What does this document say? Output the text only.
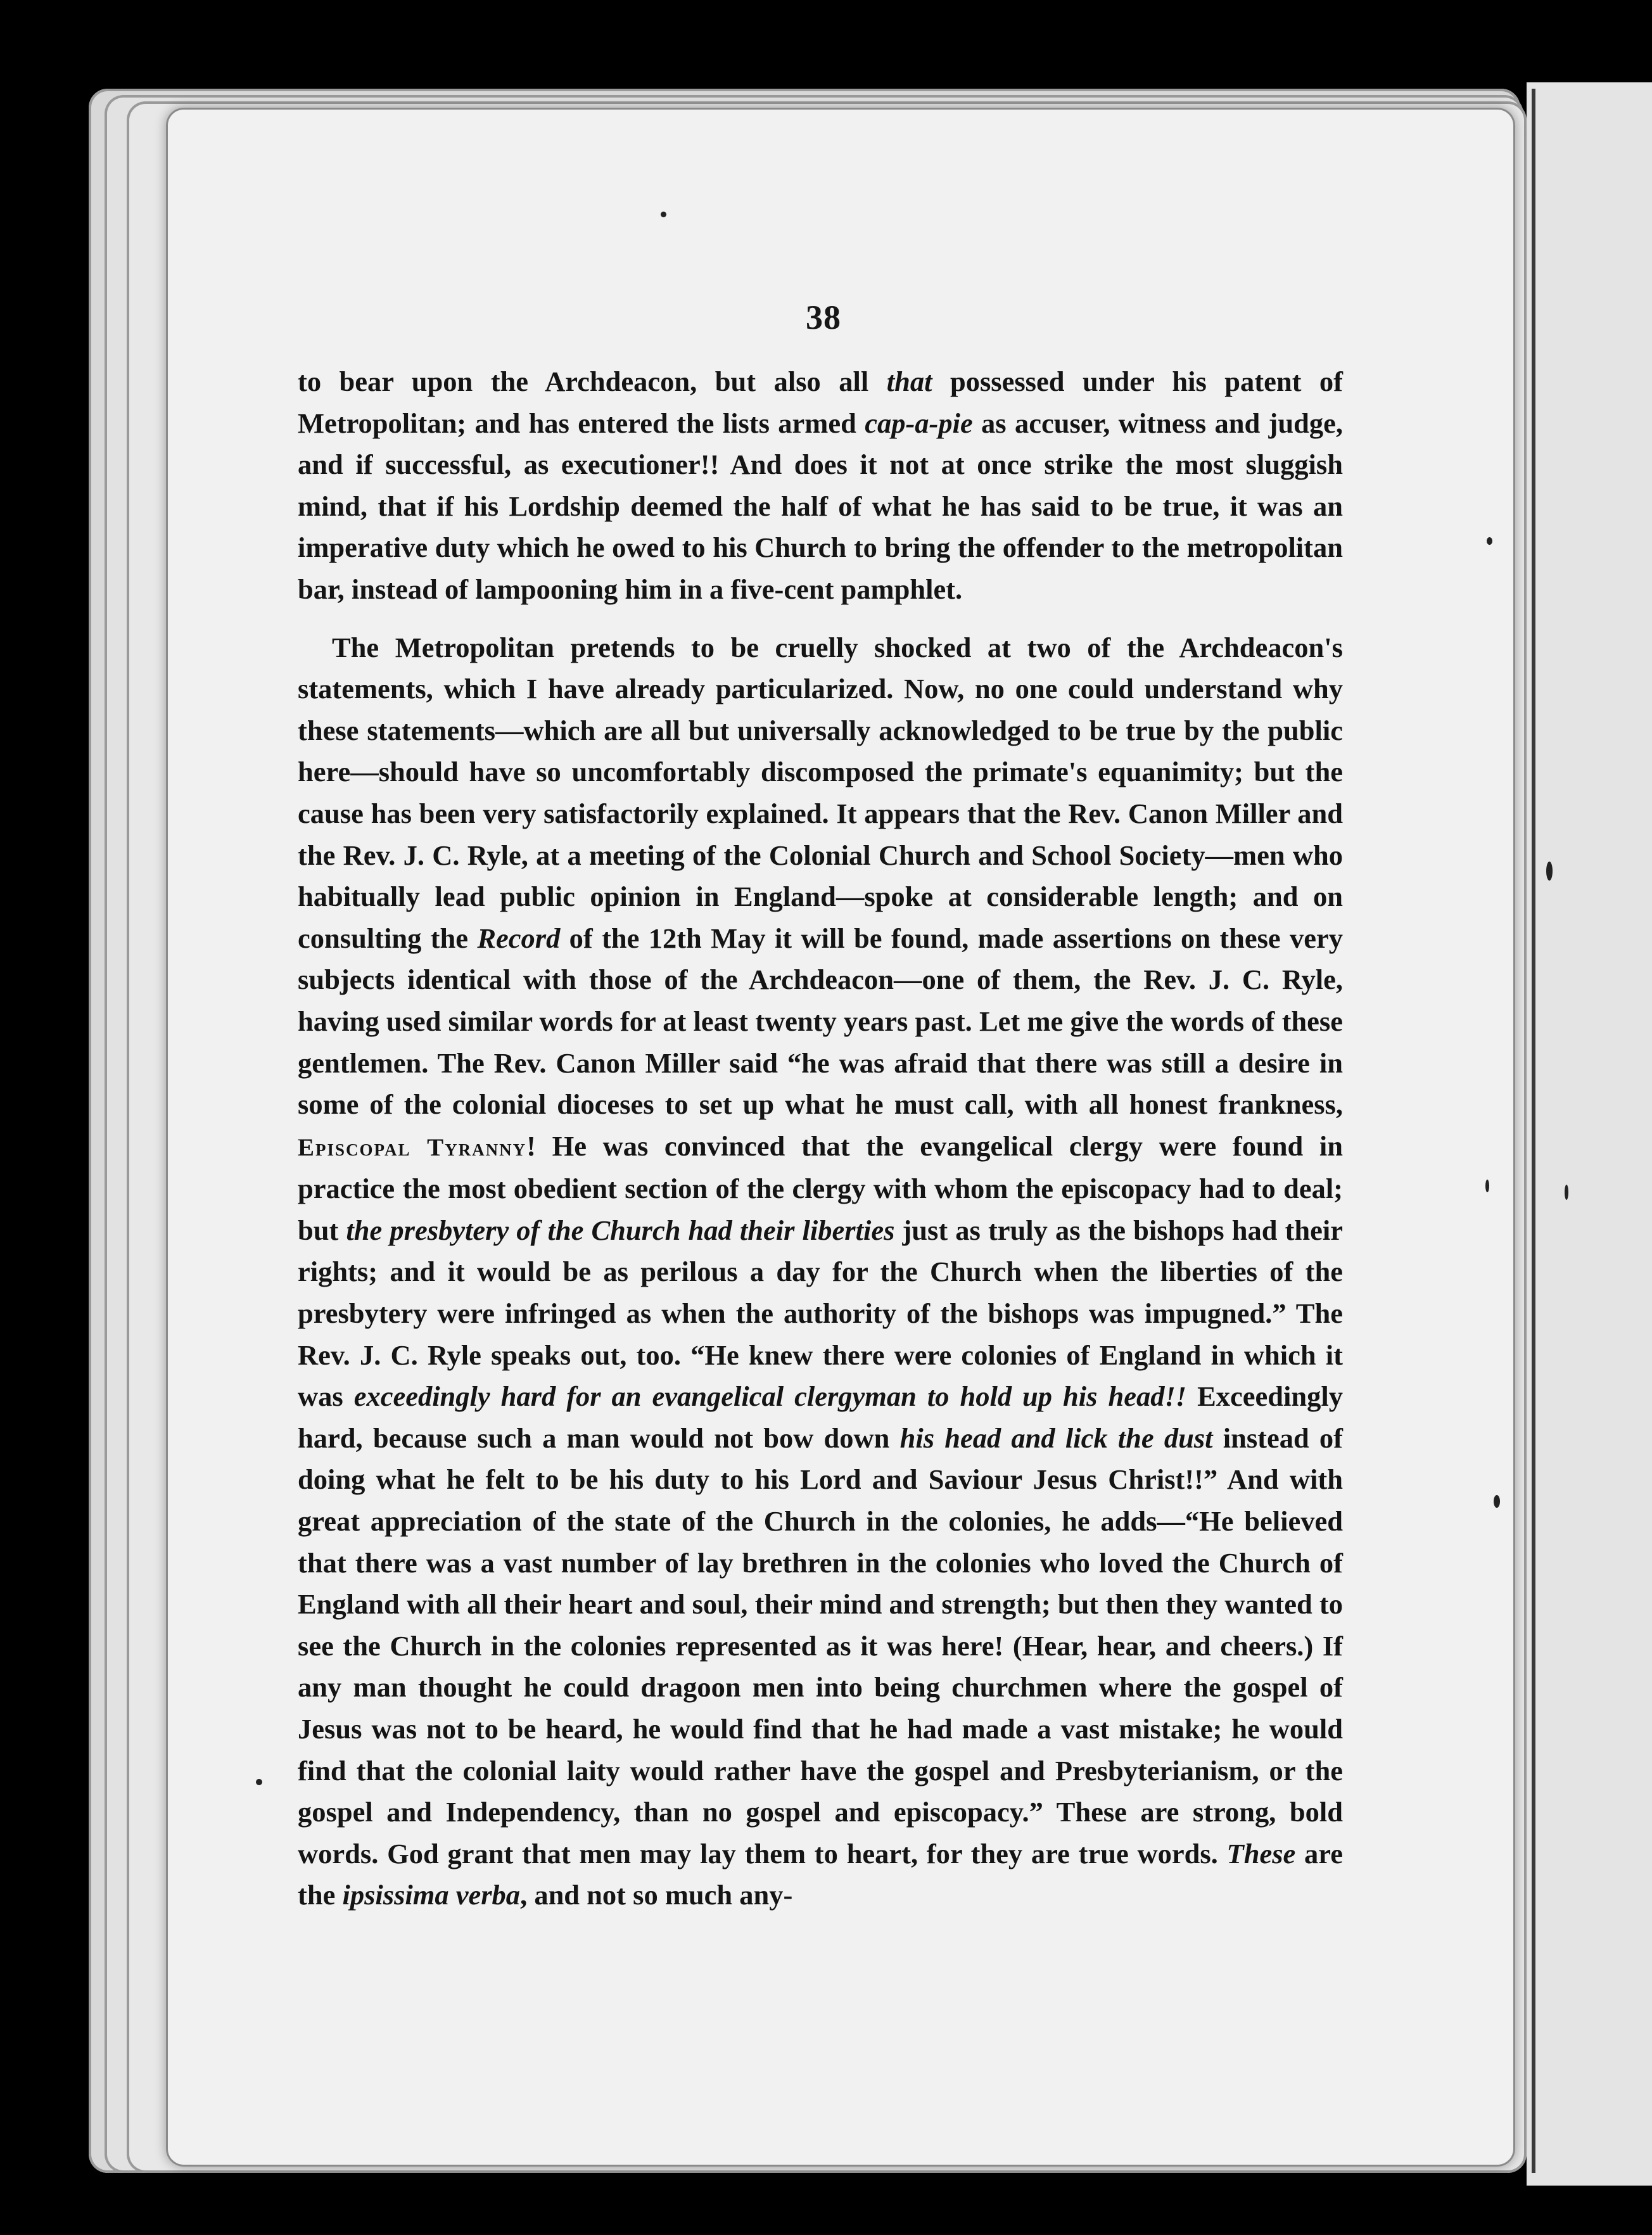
38

to bear upon the Archdeacon, but also all that possessed under his patent of Metropolitan; and has entered the lists armed cap-a-pie as accuser, witness and judge, and if successful, as executioner!! And does it not at once strike the most sluggish mind, that if his Lordship deemed the half of what he has said to be true, it was an imperative duty which he owed to his Church to bring the offender to the metropolitan bar, instead of lampooning him in a five-cent pamphlet.

The Metropolitan pretends to be cruelly shocked at two of the Archdeacon's statements, which I have already particularized. Now, no one could understand why these statements—which are all but universally acknowledged to be true by the public here—should have so uncomfortably discomposed the primate's equanimity; but the cause has been very satisfactorily explained. It appears that the Rev. Canon Miller and the Rev. J. C. Ryle, at a meeting of the Colonial Church and School Society—men who habitually lead public opinion in England—spoke at considerable length; and on consulting the Record of the 12th May it will be found, made assertions on these very subjects identical with those of the Archdeacon—one of them, the Rev. J. C. Ryle, having used similar words for at least twenty years past. Let me give the words of these gentlemen. The Rev. Canon Miller said “he was afraid that there was still a desire in some of the colonial dioceses to set up what he must call, with all honest frankness, Episcopal Tyranny! He was convinced that the evangelical clergy were found in practice the most obedient section of the clergy with whom the episcopacy had to deal; but the presbytery of the Church had their liberties just as truly as the bishops had their rights; and it would be as perilous a day for the Church when the liberties of the presbytery were infringed as when the authority of the bishops was impugned.” The Rev. J. C. Ryle speaks out, too. “He knew there were colonies of England in which it was exceedingly hard for an evangelical clergyman to hold up his head!! Exceedingly hard, because such a man would not bow down his head and lick the dust instead of doing what he felt to be his duty to his Lord and Saviour Jesus Christ!!” And with great appreciation of the state of the Church in the colonies, he adds—“He believed that there was a vast number of lay brethren in the colonies who loved the Church of England with all their heart and soul, their mind and strength; but then they wanted to see the Church in the colonies represented as it was here! (Hear, hear, and cheers.) If any man thought he could dragoon men into being churchmen where the gospel of Jesus was not to be heard, he would find that he had made a vast mistake; he would find that the colonial laity would rather have the gospel and Presbyterianism, or the gospel and Independency, than no gospel and episcopacy.” These are strong, bold words. God grant that men may lay them to heart, for they are true words. These are the ipsissima verba, and not so much any-
